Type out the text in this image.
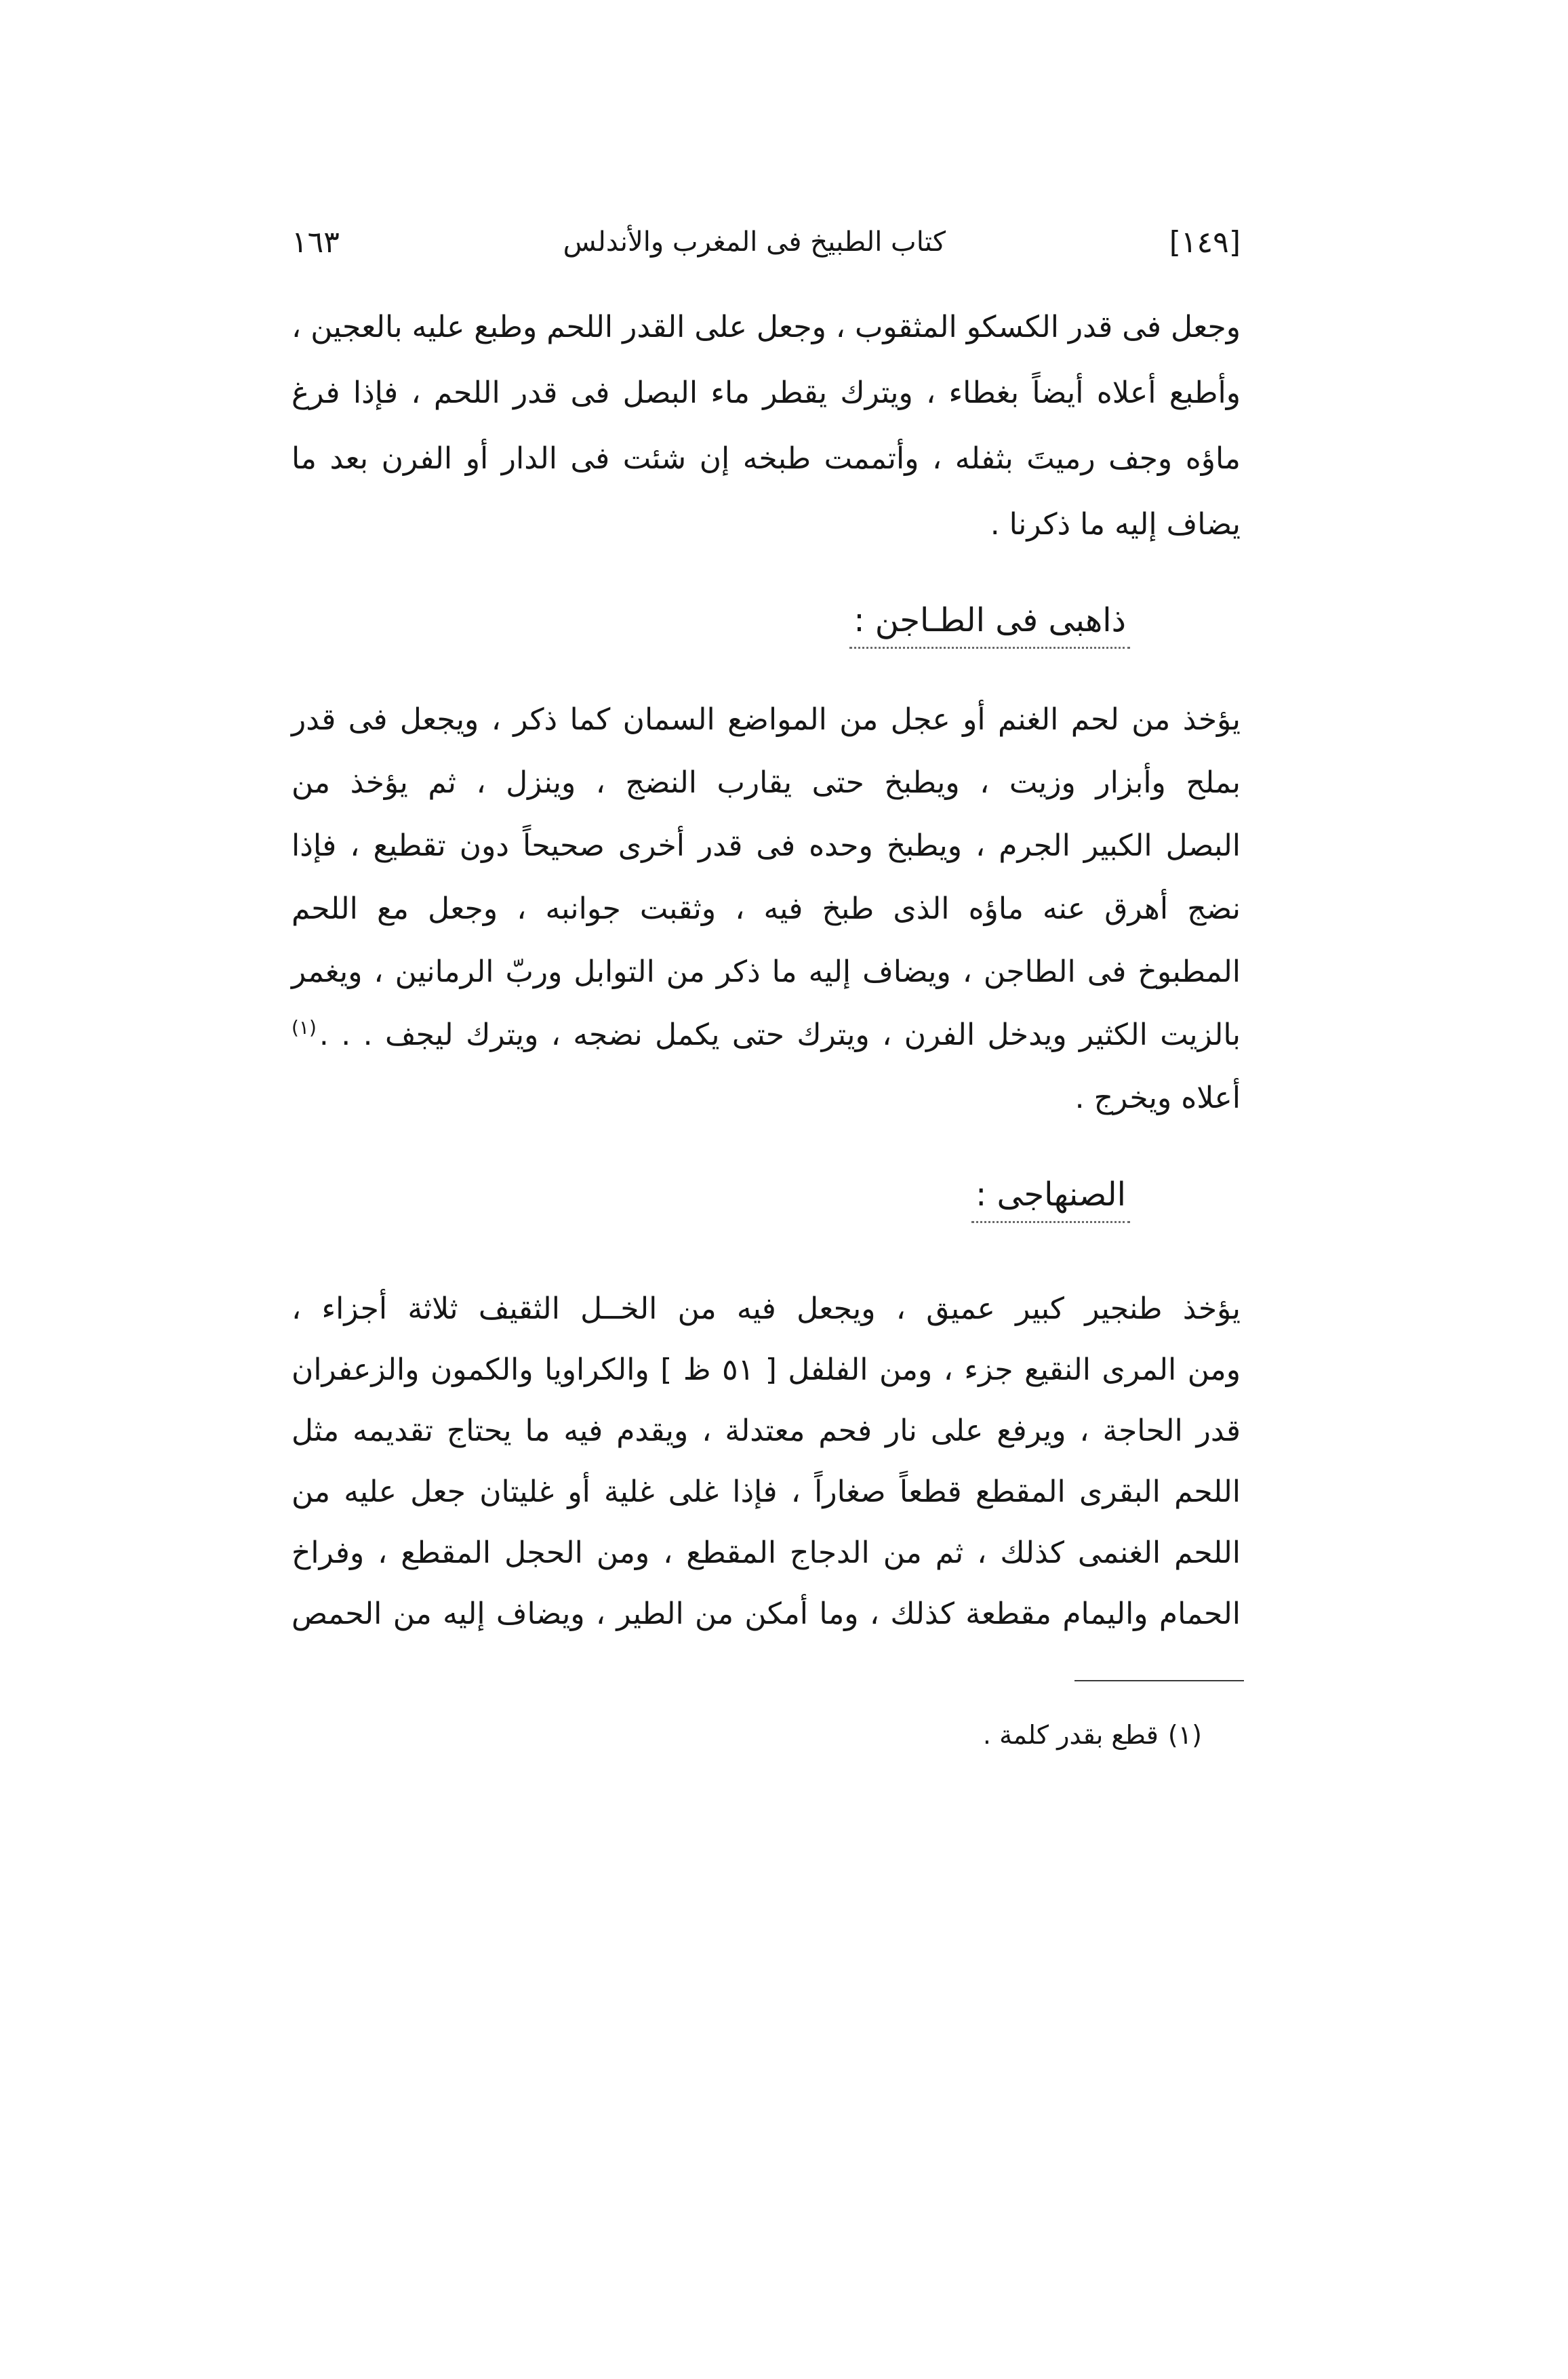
١٦٣	كتاب الطبيخ فى المغرب والأندلس	[١٤٩]
وجعل فى قدر الكسكو المثقوب ، وجعل على القدر اللحم وطبع عليه بالعجين ،
وأطبع أعلاه أيضاً بغطاء ، ويترك يقطر ماء البصل فى قدر اللحم ، فإذا فرغ
ماؤه وجف رميتَ بثفله ، وأتممت طبخه إن شئت فى الدار أو الفرن بعد ما
يضاف إليه ما ذكرنا .
ذاهبى فى الطـاجن :
يؤخذ من لحم الغنم أو عجل من المواضع السمان كما ذكر ، ويجعل فى قدر
بملح وأبزار وزيت ، ويطبخ حتى يقارب النضج ، وينزل ، ثم يؤخذ من
البصل الكبير الجرم ، ويطبخ وحده فى قدر أخرى صحيحاً دون تقطيع ، فإذا
نضج أهرق عنه ماؤه الذى طبخ فيه ، وثقبت جوانبه ، وجعل مع اللحم
المطبوخ فى الطاجن ، ويضاف إليه ما ذكر من التوابل وربّ الرمانين ، ويغمر
بالزيت الكثير ويدخل الفرن ، ويترك حتى يكمل نضجه ، ويترك ليجف . . .$^{(١)}$
أعلاه ويخرج .
الصنهاجى :
يؤخذ طنجير كبير عميق ، ويجعل فيه من الخــل الثقيف ثلاثة أجزاء ،
ومن المرى النقيع جزء ، ومن الفلفل [ ٥١ ظ ] والكراويا والكمون والزعفران
قدر الحاجة ، ويرفع على نار فحم معتدلة ، ويقدم فيه ما يحتاج تقديمه مثل
اللحم البقرى المقطع قطعاً صغاراً ، فإذا غلى غلية أو غليتان جعل عليه من
اللحم الغنمى كذلك ، ثم من الدجاج المقطع ، ومن الحجل المقطع ، وفراخ
الحمام واليمام مقطعة كذلك ، وما أمكن من الطير ، ويضاف إليه من الحمص
(١)قطع بقدر كلمة .
